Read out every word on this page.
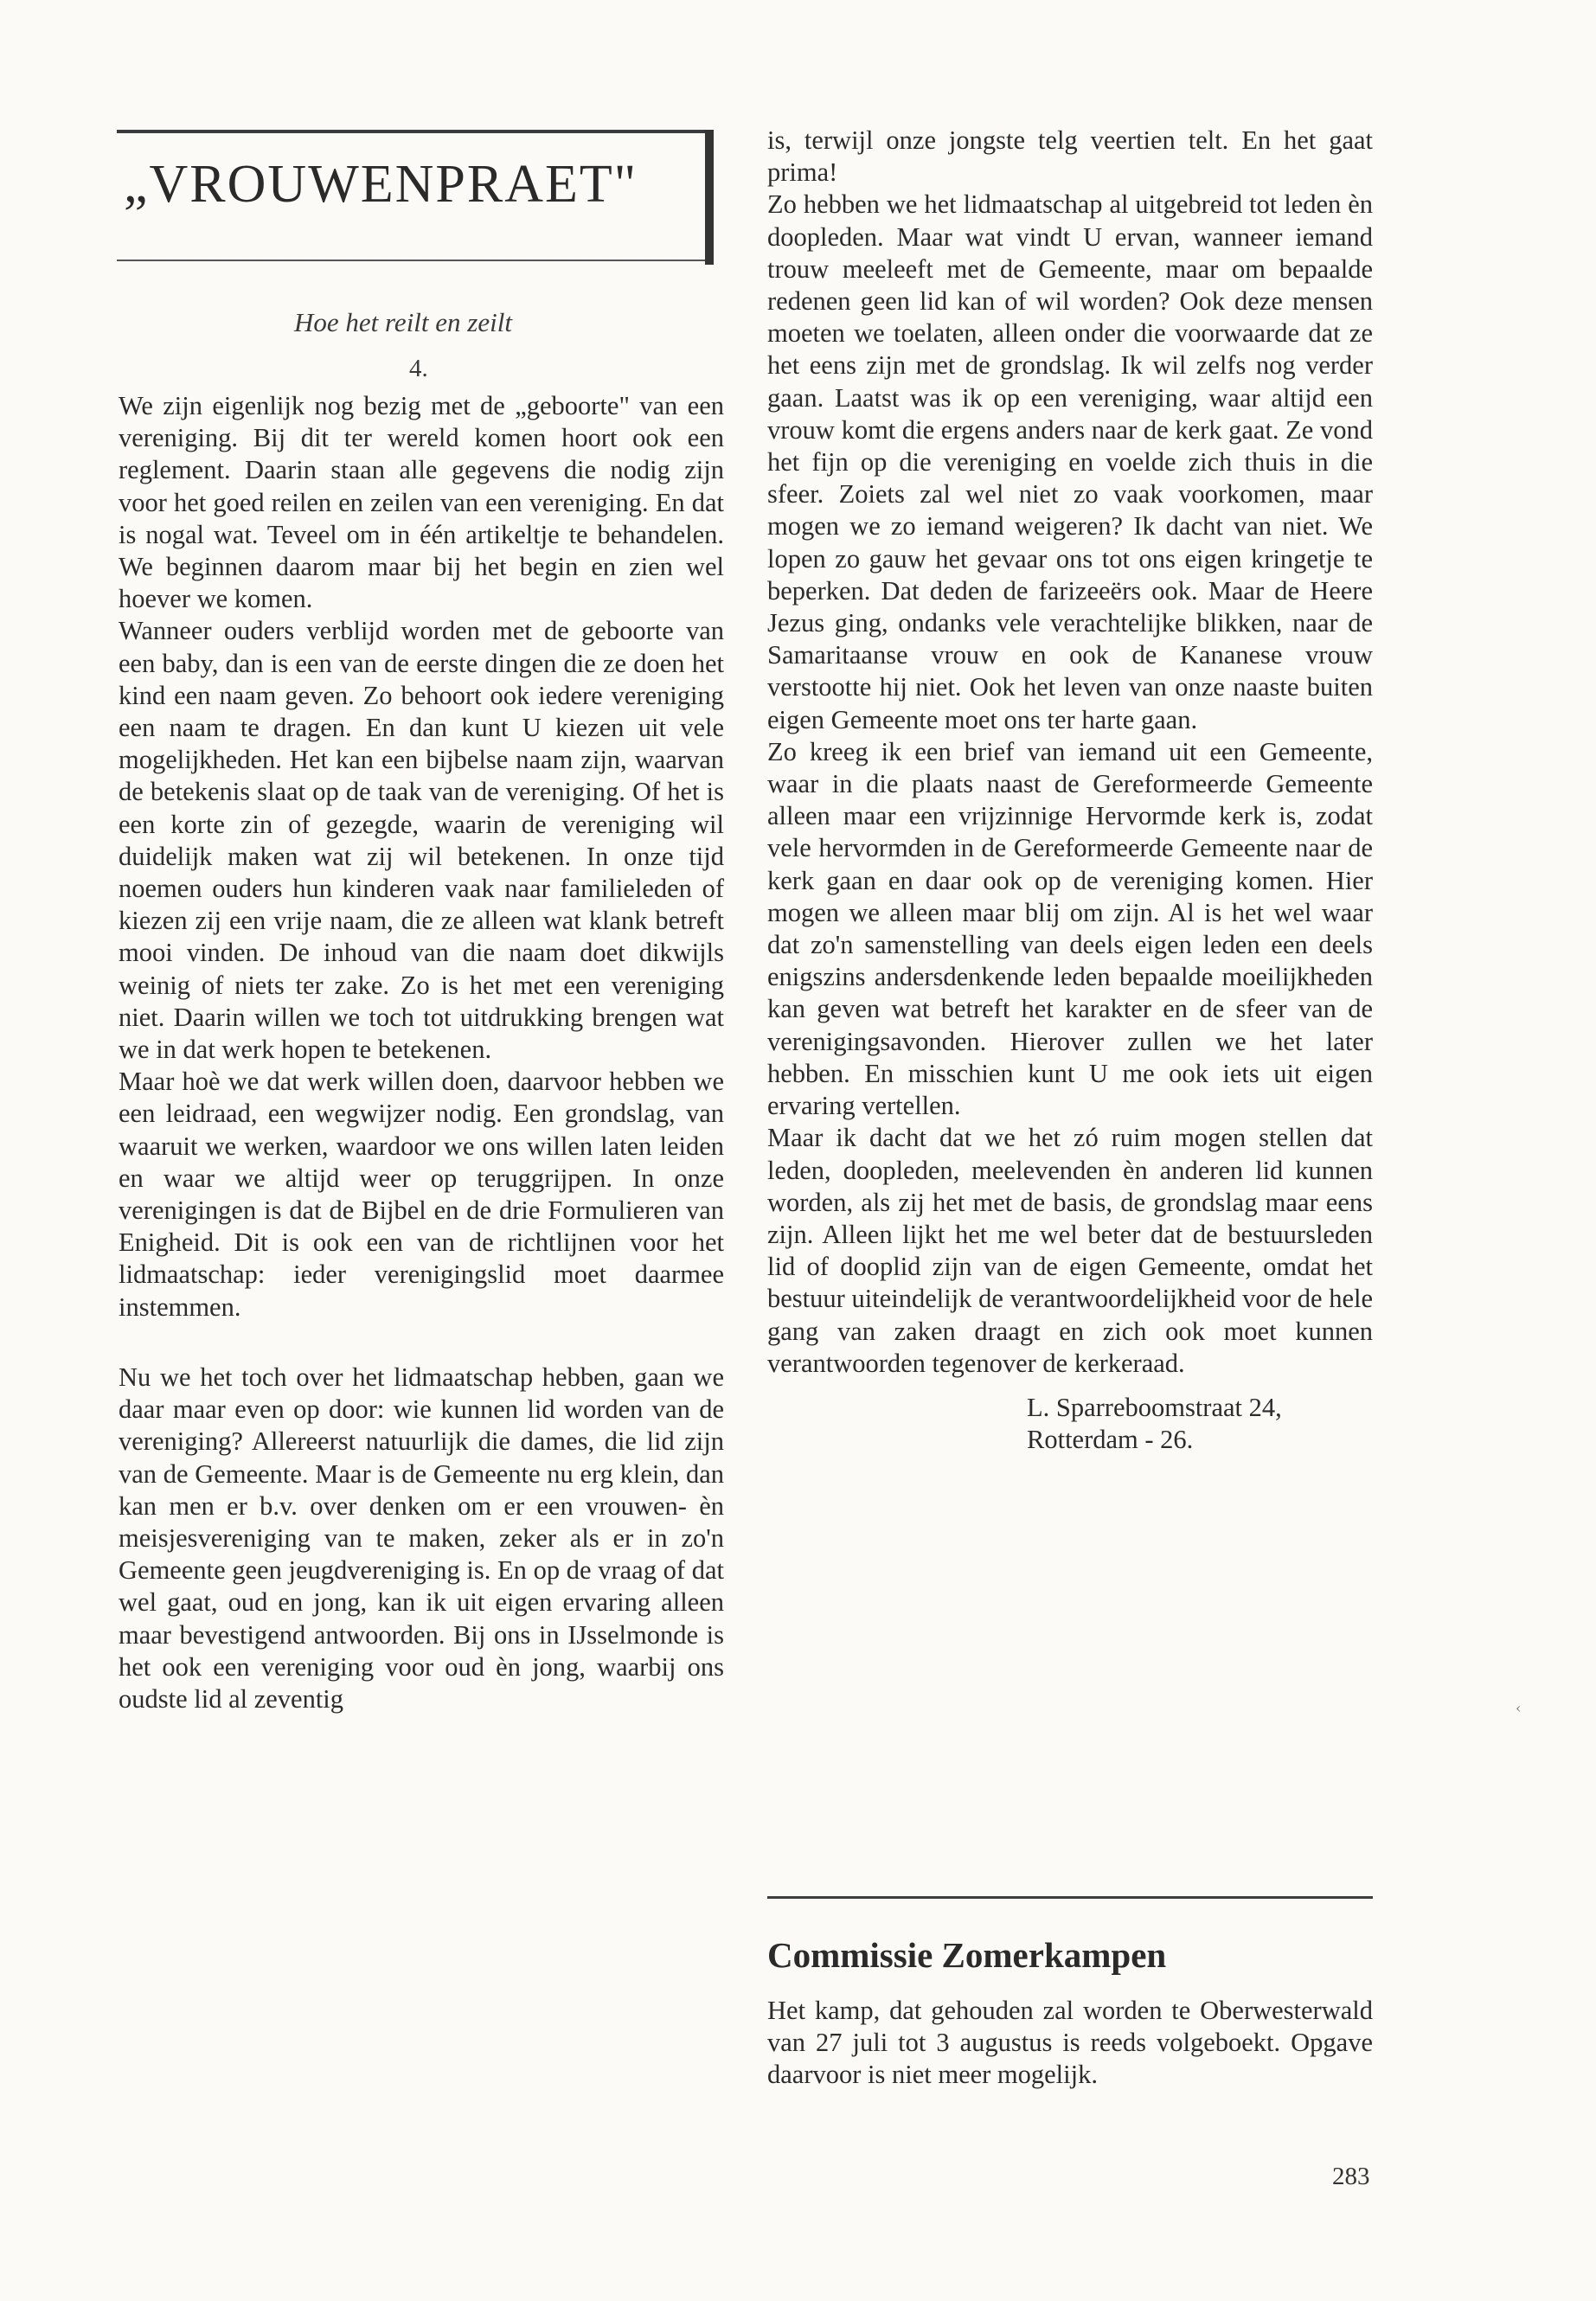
„VROUWENPRAET"
Hoe het reilt en zeilt
4.

We zijn eigenlijk nog bezig met de „geboorte" van een vereniging. Bij dit ter wereld komen hoort ook een reglement. Daarin staan alle gegevens die nodig zijn voor het goed reilen en zeilen van een vereniging. En dat is nogal wat. Teveel om in één artikeltje te behandelen. We beginnen daarom maar bij het begin en zien wel hoever we komen.

Wanneer ouders verblijd worden met de geboorte van een baby, dan is een van de eerste dingen die ze doen het kind een naam geven. Zo behoort ook iedere vereniging een naam te dragen. En dan kunt U kiezen uit vele mogelijkheden. Het kan een bijbelse naam zijn, waarvan de betekenis slaat op de taak van de vereniging. Of het is een korte zin of gezegde, waarin de vereniging wil duidelijk maken wat zij wil betekenen. In onze tijd noemen ouders hun kinderen vaak naar familieleden of kiezen zij een vrije naam, die ze alleen wat klank betreft mooi vinden. De inhoud van die naam doet dikwijls weinig of niets ter zake. Zo is het met een vereniging niet. Daarin willen we toch tot uitdrukking brengen wat we in dat werk hopen te betekenen.

Maar hoè we dat werk willen doen, daarvoor hebben we een leidraad, een wegwijzer nodig. Een grondslag, van waaruit we werken, waardoor we ons willen laten leiden en waar we altijd weer op teruggrijpen. In onze verenigingen is dat de Bijbel en de drie Formulieren van Enigheid. Dit is ook een van de richtlijnen voor het lidmaatschap: ieder verenigingslid moet daarmee instemmen.

Nu we het toch over het lidmaatschap hebben, gaan we daar maar even op door: wie kunnen lid worden van de vereniging? Allereerst natuurlijk die dames, die lid zijn van de Gemeente. Maar is de Gemeente nu erg klein, dan kan men er b.v. over denken om er een vrouwen- èn meisjesvereniging van te maken, zeker als er in zo'n Gemeente geen jeugdvereniging is. En op de vraag of dat wel gaat, oud en jong, kan ik uit eigen ervaring alleen maar bevestigend antwoorden. Bij ons in IJsselmonde is het ook een vereniging voor oud èn jong, waarbij ons oudste lid al zeventig

is, terwijl onze jongste telg veertien telt. En het gaat prima!

Zo hebben we het lidmaatschap al uitgebreid tot leden èn doopleden. Maar wat vindt U ervan, wanneer iemand trouw meeleeft met de Gemeente, maar om bepaalde redenen geen lid kan of wil worden? Ook deze mensen moeten we toelaten, alleen onder die voorwaarde dat ze het eens zijn met de grondslag. Ik wil zelfs nog verder gaan. Laatst was ik op een vereniging, waar altijd een vrouw komt die ergens anders naar de kerk gaat. Ze vond het fijn op die vereniging en voelde zich thuis in die sfeer. Zoiets zal wel niet zo vaak voorkomen, maar mogen we zo iemand weigeren? Ik dacht van niet. We lopen zo gauw het gevaar ons tot ons eigen kringetje te beperken. Dat deden de farizeeërs ook. Maar de Heere Jezus ging, ondanks vele verachtelijke blikken, naar de Samaritaanse vrouw en ook de Kananese vrouw verstootte hij niet. Ook het leven van onze naaste buiten eigen Gemeente moet ons ter harte gaan.

Zo kreeg ik een brief van iemand uit een Gemeente, waar in die plaats naast de Gereformeerde Gemeente alleen maar een vrijzinnige Hervormde kerk is, zodat vele hervormden in de Gereformeerde Gemeente naar de kerk gaan en daar ook op de vereniging komen. Hier mogen we alleen maar blij om zijn. Al is het wel waar dat zo'n samenstelling van deels eigen leden een deels enigszins andersdenkende leden bepaalde moeilijkheden kan geven wat betreft het karakter en de sfeer van de verenigingsavonden. Hierover zullen we het later hebben. En misschien kunt U me ook iets uit eigen ervaring vertellen.

Maar ik dacht dat we het zó ruim mogen stellen dat leden, doopleden, meelevenden èn anderen lid kunnen worden, als zij het met de basis, de grondslag maar eens zijn. Alleen lijkt het me wel beter dat de bestuursleden lid of dooplid zijn van de eigen Gemeente, omdat het bestuur uiteindelijk de verantwoordelijkheid voor de hele gang van zaken draagt en zich ook moet kunnen verantwoorden tegenover de kerkeraad.

L. Sparreboomstraat 24,
Rotterdam - 26.
Commissie Zomerkampen

Het kamp, dat gehouden zal worden te Oberwesterwald van 27 juli tot 3 augustus is reeds volgeboekt. Opgave daarvoor is niet meer mogelijk.

283
‹
